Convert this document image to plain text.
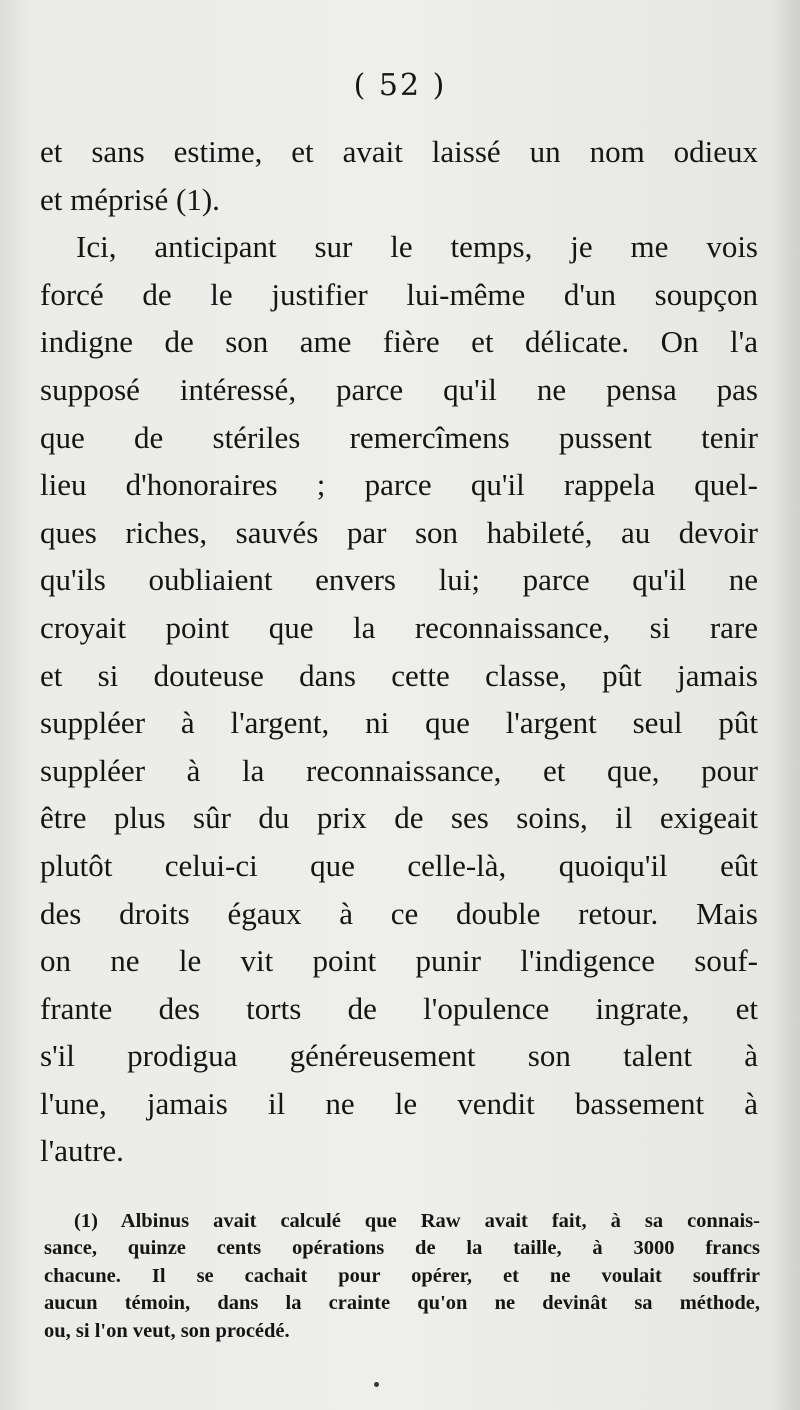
( 52 )
et sans estime, et avait laissé un nom odieux
et méprisé (1).
Ici, anticipant sur le temps, je me vois
forcé de le justifier lui-même d'un soupçon
indigne de son ame fière et délicate. On l'a
supposé intéressé, parce qu'il ne pensa pas
que de stériles remercîmens pussent tenir
lieu d'honoraires ; parce qu'il rappela quel-
ques riches, sauvés par son habileté, au devoir
qu'ils oubliaient envers lui; parce qu'il ne
croyait point que la reconnaissance, si rare
et si douteuse dans cette classe, pût jamais
suppléer à l'argent, ni que l'argent seul pût
suppléer à la reconnaissance, et que, pour
être plus sûr du prix de ses soins, il exigeait
plutôt celui-ci que celle-là, quoiqu'il eût
des droits égaux à ce double retour. Mais
on ne le vit point punir l'indigence souf-
frante des torts de l'opulence ingrate, et
s'il prodigua généreusement son talent à
l'une, jamais il ne le vendit bassement à
l'autre.
(1) Albinus avait calculé que Raw avait fait, à sa connais-
sance, quinze cents opérations de la taille, à 3000 francs
chacune. Il se cachait pour opérer, et ne voulait souffrir
aucun témoin, dans la crainte qu'on ne devinât sa méthode,
ou, si l'on veut, son procédé.
